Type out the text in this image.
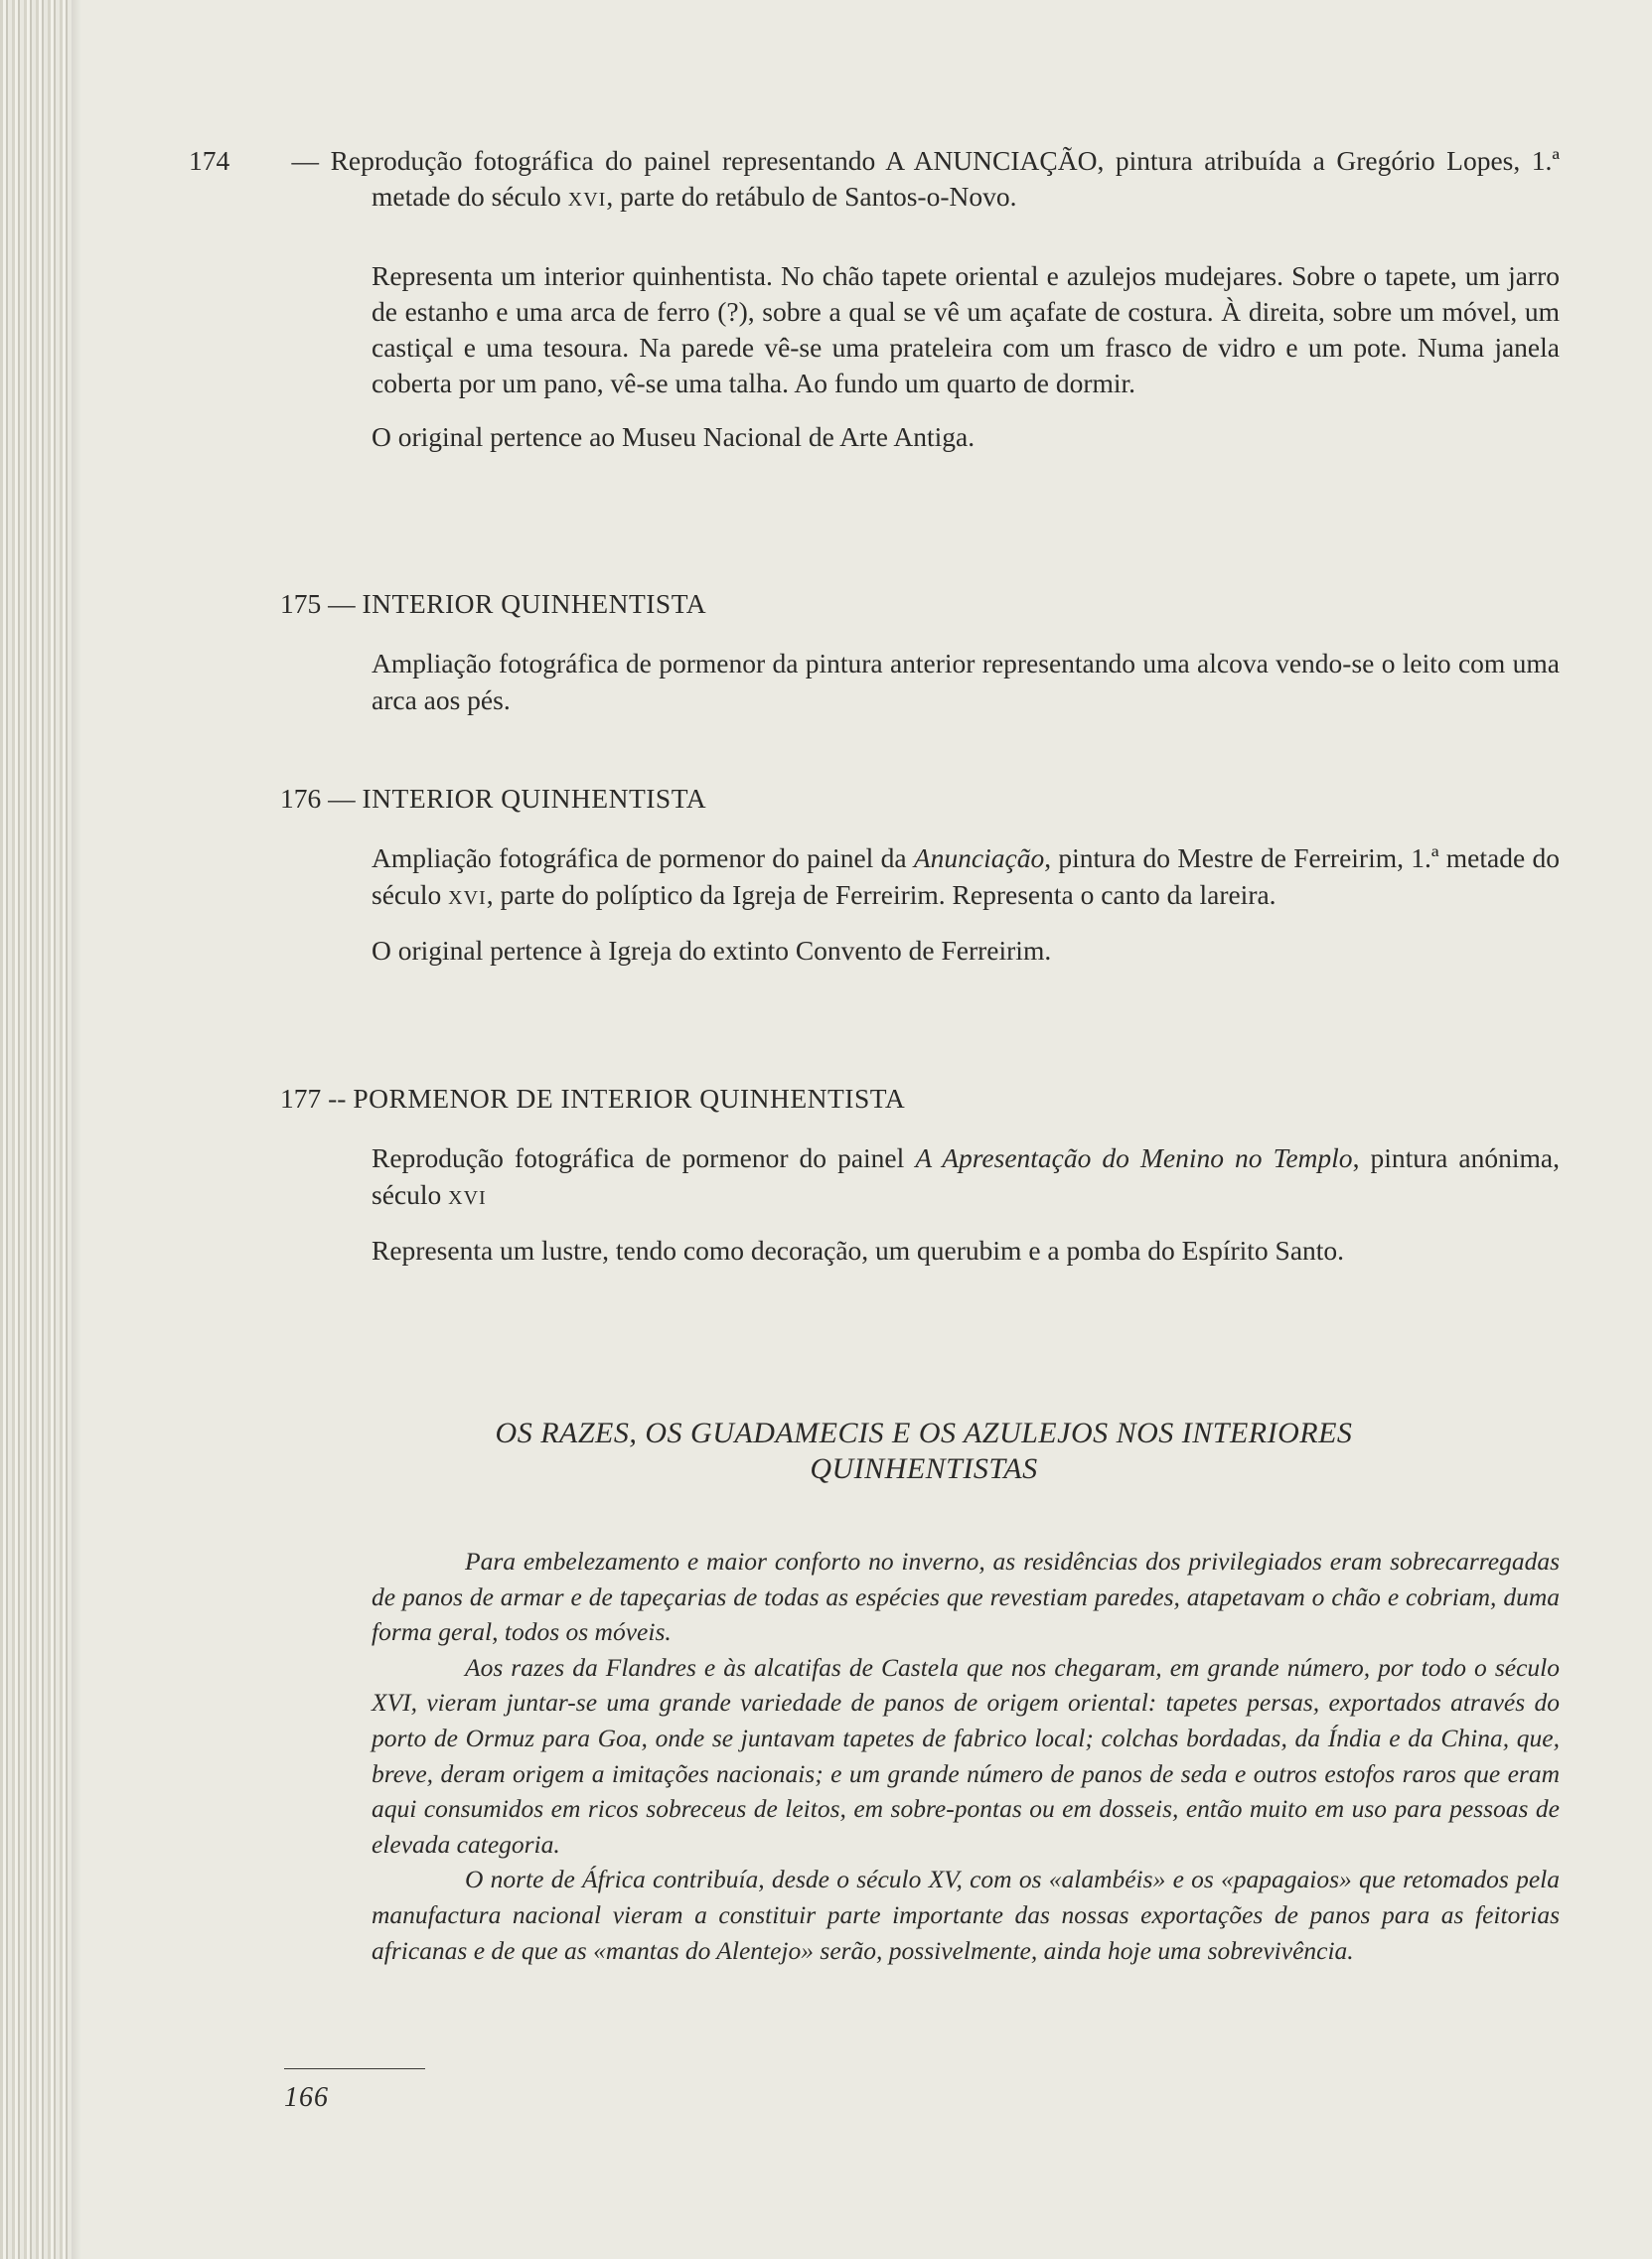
174 — Reprodução fotográfica do painel representando A ANUNCIAÇÃO, pintura atribuída a Gregório Lopes, 1.ª metade do século XVI, parte do retábulo de Santos-o-Novo.

Representa um interior quinhentista. No chão tapete oriental e azulejos mudejares. Sobre o tapete, um jarro de estanho e uma arca de ferro (?), sobre a qual se vê um açafate de costura. À direita, sobre um móvel, um castiçal e uma tesoura. Na parede vê-se uma prateleira com um frasco de vidro e um pote. Numa janela coberta por um pano, vê-se uma talha. Ao fundo um quarto de dormir.

O original pertence ao Museu Nacional de Arte Antiga.

175 — INTERIOR QUINHENTISTA

Ampliação fotográfica de pormenor da pintura anterior representando uma alcova vendo-se o leito com uma arca aos pés.

176 — INTERIOR QUINHENTISTA

Ampliação fotográfica de pormenor do painel da Anunciação, pintura do Mestre de Ferreirim, 1.ª metade do século XVI, parte do políptico da Igreja de Ferreirim. Representa o canto da lareira.

O original pertence à Igreja do extinto Convento de Ferreirim.

177 -- PORMENOR DE INTERIOR QUINHENTISTA

Reprodução fotográfica de pormenor do painel A Apresentação do Menino no Templo, pintura anónima, século XVI

Representa um lustre, tendo como decoração, um querubim e a pomba do Espírito Santo.

OS RAZES, OS GUADAMECIS E OS AZULEJOS NOS INTERIORES
QUINHENTISTAS

Para embelezamento e maior conforto no inverno, as residências dos privilegiados eram sobrecarregadas de panos de armar e de tapeçarias de todas as espécies que revestiam paredes, atapetavam o chão e cobriam, duma forma geral, todos os móveis.

Aos razes da Flandres e às alcatifas de Castela que nos chegaram, em grande número, por todo o século XVI, vieram juntar-se uma grande variedade de panos de origem oriental: tapetes persas, exportados através do porto de Ormuz para Goa, onde se juntavam tapetes de fabrico local; colchas bordadas, da Índia e da China, que, breve, deram origem a imitações nacionais; e um grande número de panos de seda e outros estofos raros que eram aqui consumidos em ricos sobreceus de leitos, em sobre-pontas ou em dosseis, então muito em uso para pessoas de elevada categoria.

O norte de África contribuía, desde o século XV, com os «alambéis» e os «papagaios» que retomados pela manufactura nacional vieram a constituir parte importante das nossas exportações de panos para as feitorias africanas e de que as «mantas do Alentejo» serão, possivelmente, ainda hoje uma sobrevivência.

166
